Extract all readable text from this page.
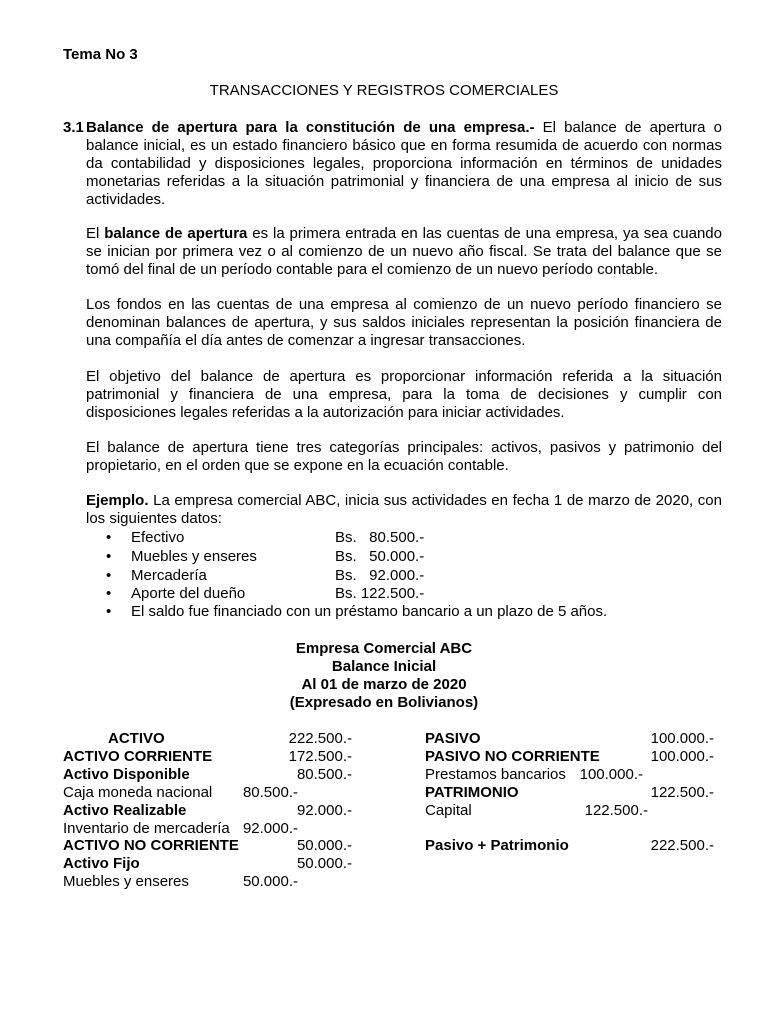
Tema No 3
TRANSACCIONES Y REGISTROS COMERCIALES
3.1 Balance de apertura para la constitución de una empresa.- El balance de apertura o
balance inicial, es un estado financiero básico que en forma resumida de acuerdo con normas
da contabilidad y disposiciones legales, proporciona información en términos de unidades
monetarias referidas a la situación patrimonial y financiera de una empresa al inicio de sus
actividades.
El balance de apertura es la primera entrada en las cuentas de una empresa, ya sea cuando
se inician por primera vez o al comienzo de un nuevo año fiscal. Se trata del balance que se
tomó del final de un período contable para el comienzo de un nuevo período contable.
Los fondos en las cuentas de una empresa al comienzo de un nuevo período financiero se
denominan balances de apertura, y sus saldos iniciales representan la posición financiera de
una compañía el día antes de comenzar a ingresar transacciones.
El objetivo del balance de apertura es proporcionar información referida a la situación
patrimonial y financiera de una empresa, para la toma de decisiones y cumplir con
disposiciones legales referidas a la autorización para iniciar actividades.
El balance de apertura tiene tres categorías principales: activos, pasivos y patrimonio del
propietario, en el orden que se expone en la ecuación contable.
Ejemplo. La empresa comercial ABC, inicia sus actividades en fecha 1 de marzo de 2020, con
los siguientes datos:
• Efectivo	Bs.   80.500.-
• Muebles y enseres	Bs.   50.000.-
• Mercadería	Bs.   92.000.-
• Aporte del dueño	Bs. 122.500.-
• El saldo fue financiado con un préstamo bancario a un plazo de 5 años.
Empresa Comercial ABC
Balance Inicial
Al 01 de marzo de 2020
(Expresado en Bolivianos)
ACTIVO	222.500.-
ACTIVO CORRIENTE	172.500.-
Activo Disponible	80.500.-
Caja moneda nacional	80.500.-
Activo Realizable	92.000.-
Inventario de mercadería 92.000.-
ACTIVO NO CORRIENTE	50.000.-
Activo Fijo	50.000.-
Muebles y enseres	50.000.-
PASIVO	100.000.-
PASIVO NO CORRIENTE	100.000.-
Prestamos bancarios 100.000.-
PATRIMONIO	122.500.-
Capital	122.500.-
Pasivo + Patrimonio	222.500.-
